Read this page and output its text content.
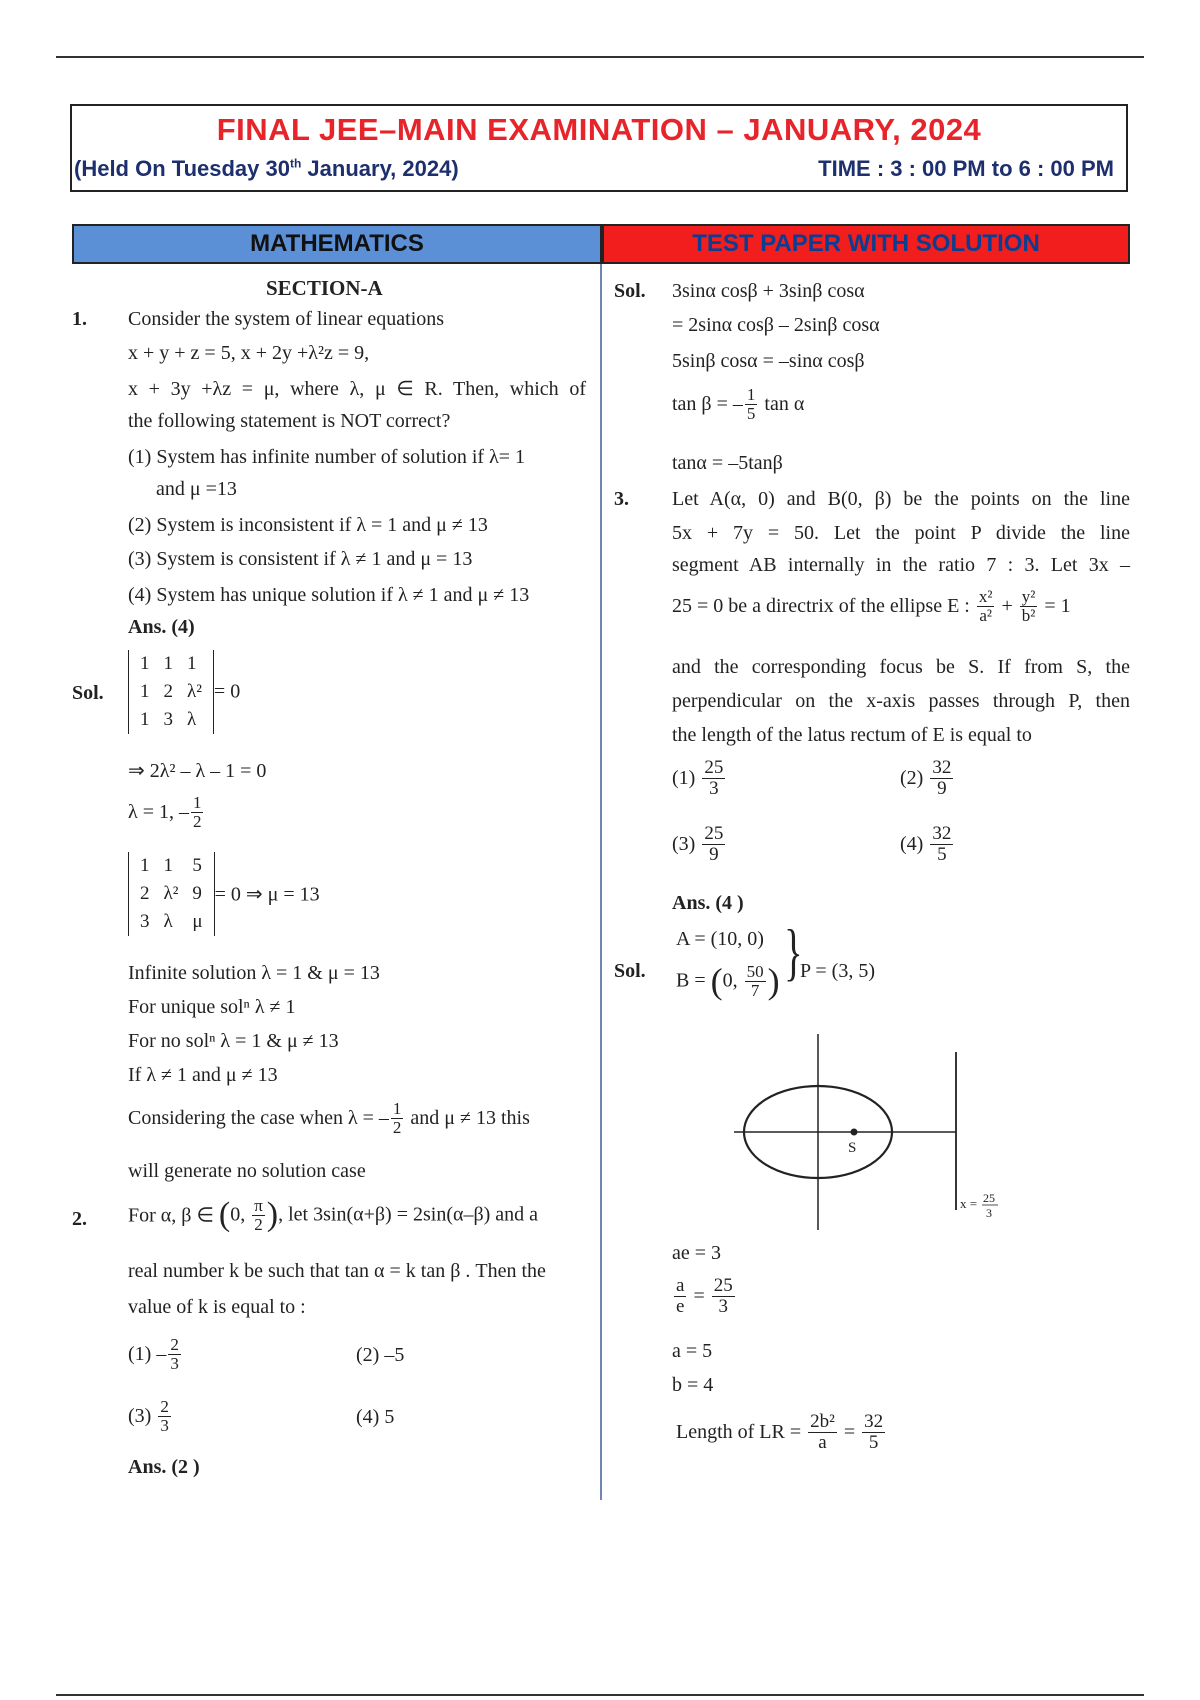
FINAL JEE–MAIN EXAMINATION – JANUARY, 2024
(Held On Tuesday 30th January, 2024)	TIME : 3 : 00 PM to 6 : 00 PM
MATHEMATICS	TEST PAPER WITH SOLUTION
SECTION-A
1. Consider the system of linear equations
x + y + z = 5, x + 2y +λ²z = 9,
x + 3y +λz = μ, where λ, μ ∈ R. Then, which of
the following statement is NOT correct?
(1) System has infinite number of solution if λ= 1
and μ =13
(2) System is inconsistent if λ = 1 and μ ≠ 13
(3) System is consistent if λ ≠ 1 and μ = 13
(4) System has unique solution if λ ≠ 1 and μ ≠ 13
Ans. (4)
Sol.
1	1	1
1	2	λ²
1	3	λ
= 0
⇒ 2λ² – λ – 1 = 0
λ = 1, – $\frac{1}{2}$
1	1	5
2	λ²	9
3	λ	μ
= 0 ⇒ μ = 13
Infinite solution λ = 1 & μ = 13
For unique solⁿ λ ≠ 1
For no solⁿ λ = 1 & μ ≠ 13
If λ ≠ 1 and μ ≠ 13
Considering the case when λ = – $\frac{1}{2}$ and μ ≠ 13 this
will generate no solution case
2. For α, β ∈ (0, $\frac{\pi}{2}$ ), let 3sin(α+β) = 2sin(α–β) and a
real number k be such that tan α = k tan β . Then the
value of k is equal to :
$(1) - \frac{2}{3}$	(2) –5
$(3) \frac{2}{3}$	(4) 5
Ans. (2 )
Sol. 3sinα cosβ + 3sinβ cosα
= 2sinα cosβ – 2sinβ cosα
5sinβ cosα = –sinα cosβ
tan β = – $\frac{1}{5}$ tan α
tanα = –5tanβ
3. Let A(α, 0) and B(0, β) be the points on the line
5x + 7y = 50. Let the point P divide the line
segment AB internally in the ratio 7 : 3. Let 3x –
25 = 0 be a directrix of the ellipse E : $\frac{\text{x²}}{\text{a²}} + \frac{\text{y²}}{\text{b²}} = 1$
and the corresponding focus be S. If from S, the
perpendicular on the x-axis passes through P, then
the length of the latus rectum of E is equal to
$(1) \frac{25}{3}$	$(2) \frac{32}{9}$
$(3) \frac{25}{9}$	$(4) \frac{32}{5}$
Ans. (4 )
Sol.
A = (10, 0)
B = (0, $\frac{50}{7}$ ) }
P = (3, 5)
S
x = 25
3
ae = 3
$\frac{a}{e} = \frac{25}{3}$
a = 5
b = 4
Length of LR = $\frac{\text{2b²}}{a} = \frac{32}{5}$
